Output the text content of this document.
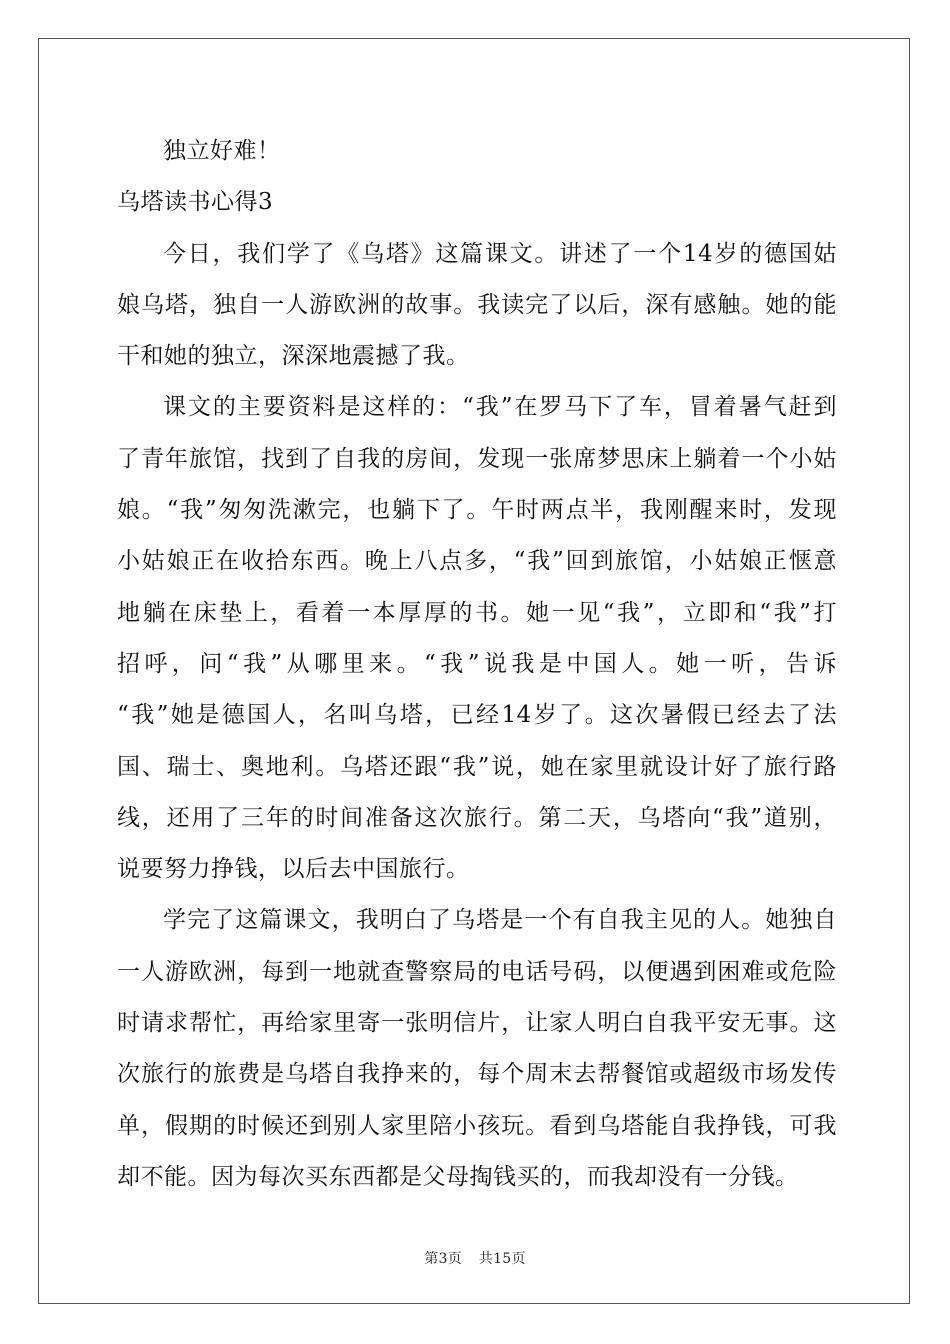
独立好难！

乌塔读书心得3

今日，我们学了《乌塔》这篇课文。讲述了一个14岁的德国姑

娘乌塔，独自一人游欧洲的故事。我读完了以后，深有感触。她的能

干和她的独立，深深地震撼了我。

课文的主要资料是这样的：“我”在罗马下了车，冒着暑气赶到

了青年旅馆，找到了自我的房间，发现一张席梦思床上躺着一个小姑

娘。“我”匆匆洗漱完，也躺下了。午时两点半，我刚醒来时，发现

小姑娘正在收拾东西。晚上八点多，“我”回到旅馆，小姑娘正惬意

地躺在床垫上，看着一本厚厚的书。她一见“我”，立即和“我”打

招呼，问“我”从哪里来。“我”说我是中国人。她一听，告诉

“我”她是德国人，名叫乌塔，已经14岁了。这次暑假已经去了法

国、瑞士、奥地利。乌塔还跟“我”说，她在家里就设计好了旅行路

线，还用了三年的时间准备这次旅行。第二天，乌塔向“我”道别，

说要努力挣钱，以后去中国旅行。

学完了这篇课文，我明白了乌塔是一个有自我主见的人。她独自

一人游欧洲，每到一地就查警察局的电话号码，以便遇到困难或危险

时请求帮忙，再给家里寄一张明信片，让家人明白自我平安无事。这

次旅行的旅费是乌塔自我挣来的，每个周末去帮餐馆或超级市场发传

单，假期的时候还到别人家里陪小孩玩。看到乌塔能自我挣钱，可我

却不能。因为每次买东西都是父母掏钱买的，而我却没有一分钱。

第3页 共15页
